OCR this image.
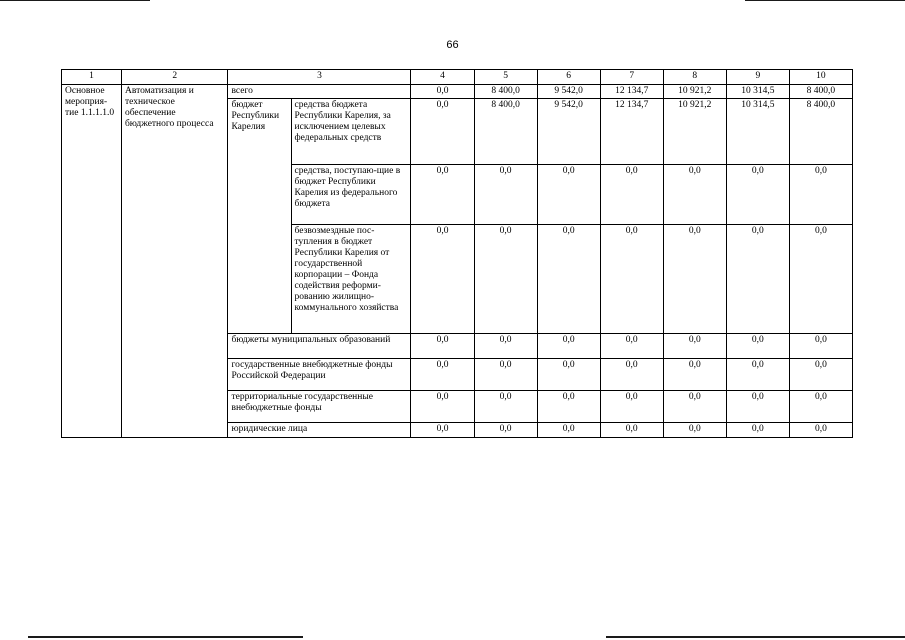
66
1	2	3		4	5	6	7	8	9	10
Основное мероприя-тие 1.1.1.1.0	Автоматизация и техническое обеспечение бюджетного процесса	всего		0,0	8 400,0	9 542,0	12 134,7	10 921,2	10 314,5	8 400,0
		бюджет Республики Карелия	средства бюджета Республики Карелия, за исключением целевых федеральных средств	0,0	8 400,0	9 542,0	12 134,7	10 921,2	10 314,5	8 400,0
			средства, поступаю-щие в бюджет Республики Карелия из федерального бюджета	0,0	0,0	0,0	0,0	0,0	0,0	0,0
			безвозмездные пос-тупления в бюджет Республики Карелия от государственной корпорации – Фонда содействия реформи-рованию жилищно-коммунального хозяйства	0,0	0,0	0,0	0,0	0,0	0,0	0,0
		бюджеты муниципальных образований		0,0	0,0	0,0	0,0	0,0	0,0	0,0
		государственные внебюджетные фонды Российской Федерации		0,0	0,0	0,0	0,0	0,0	0,0	0,0
		территориальные государственные внебюджетные фонды		0,0	0,0	0,0	0,0	0,0	0,0	0,0
		юридические лица		0,0	0,0	0,0	0,0	0,0	0,0	0,0
